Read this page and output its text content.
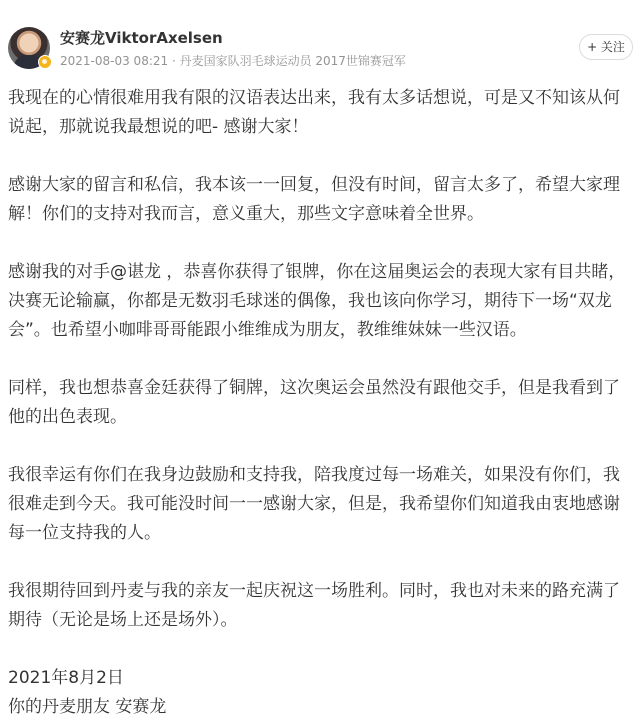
安赛龙ViktorAxelsen
2021-08-03 08:21 · 丹麦国家队羽毛球运动员 2017世锦赛冠军
+ 关注

我现在的心情很难用我有限的汉语表达出来，我有太多话想说，可是又不知该从何说起，那就说我最想说的吧- 感谢大家！

感谢大家的留言和私信，我本该一一回复，但没有时间，留言太多了，希望大家理解！你们的支持对我而言，意义重大，那些文字意味着全世界。

感谢我的对手@谌龙 ，恭喜你获得了银牌，你在这届奥运会的表现大家有目共睹，决赛无论输赢，你都是无数羽毛球迷的偶像，我也该向你学习，期待下一场“双龙会”。也希望小咖啡哥哥能跟小维维成为朋友，教维维妹妹一些汉语。

同样，我也想恭喜金廷获得了铜牌，这次奥运会虽然没有跟他交手，但是我看到了他的出色表现。

我很幸运有你们在我身边鼓励和支持我，陪我度过每一场难关，如果没有你们，我很难走到今天。我可能没时间一一感谢大家，但是，我希望你们知道我由衷地感谢每一位支持我的人。

我很期待回到丹麦与我的亲友一起庆祝这一场胜利。同时，我也对未来的路充满了期待（无论是场上还是场外）。

2021年8月2日

你的丹麦朋友 安赛龙
